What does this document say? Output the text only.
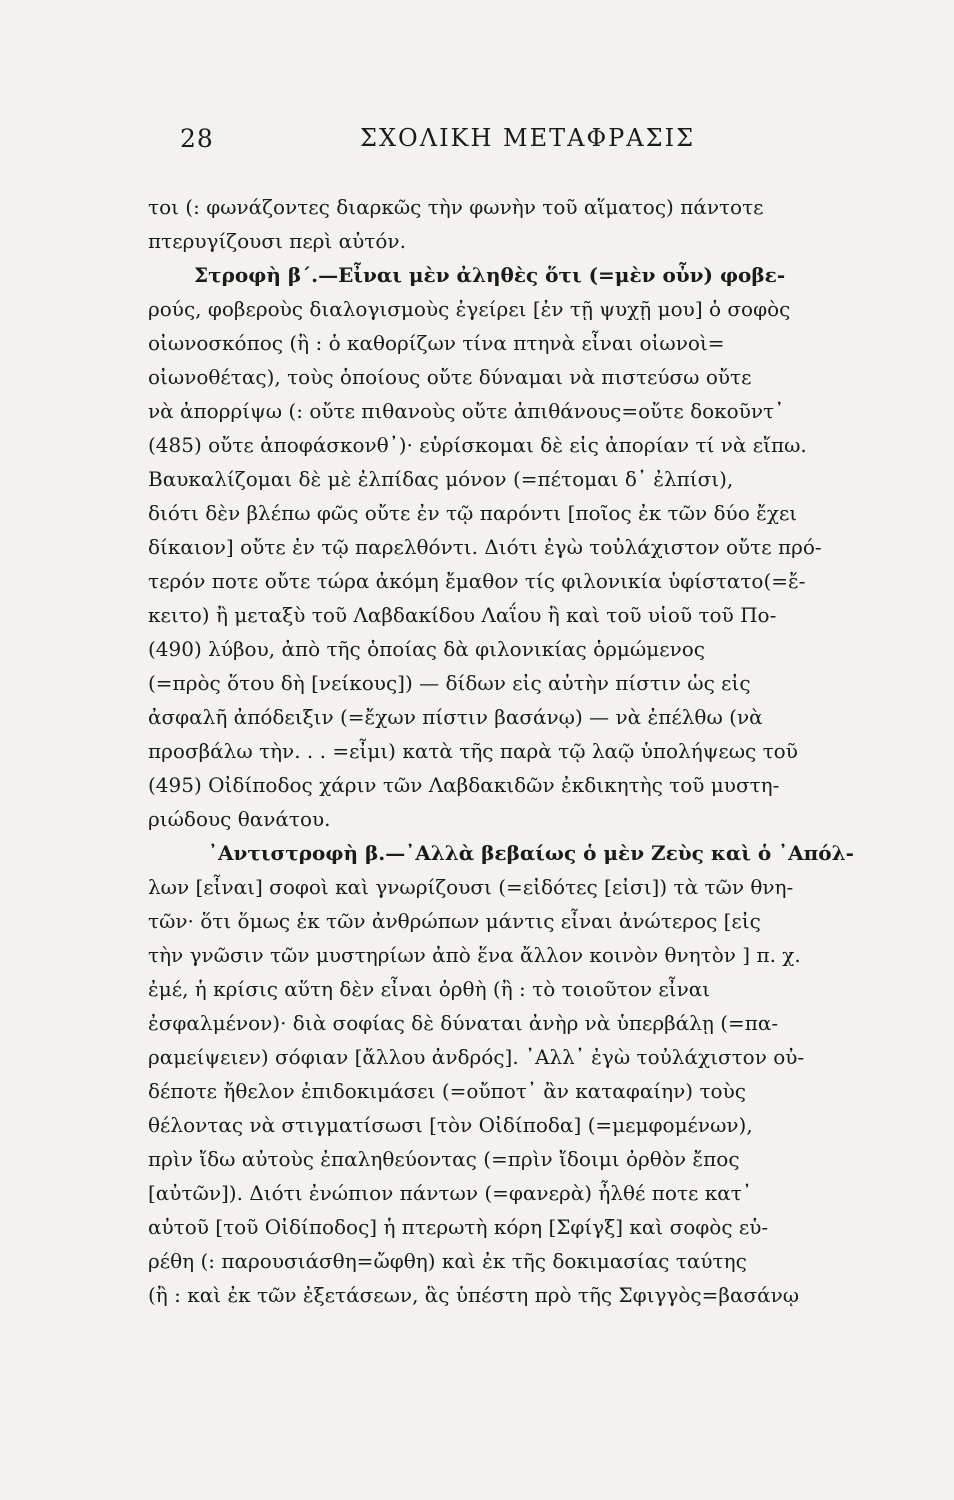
28	ΣΧΟΛΙΚΗ ΜΕΤΑΦΡΑΣΙΣ
τοι (: φωνάζοντες διαρκῶς τὴν φωνὴν τοῦ αἵματος) πάντοτε
πτερυγίζουσι περὶ αὐτόν.
Στροφὴ β΄.—Εἶναι μὲν ἀληθὲς ὅτι (=μὲν οὖν) φοβε-
ρούς, φοβεροὺς διαλογισμοὺς ἐγείρει [ἐν τῇ ψυχῇ μου] ὁ σοφὸς
οἰωνοσκόπος (ἢ : ὁ καθορίζων τίνα πτηνὰ εἶναι οἰωνοὶ=
οἰωνοθέτας), τοὺς ὁποίους οὔτε δύναμαι νὰ πιστεύσω οὔτε
νὰ ἀπορρίψω (: οὔτε πιθανοὺς οὔτε ἀπιθάνους=οὔτε δοκοῦντ᾽
(485) οὔτε ἀποφάσκονθ᾽)· εὑρίσκομαι δὲ εἰς ἀπορίαν τί νὰ εἴπω.
Βαυκαλίζομαι δὲ μὲ ἐλπίδας μόνον (=πέτομαι δ᾽ ἐλπίσι),
διότι δὲν βλέπω φῶς οὔτε ἐν τῷ παρόντι [ποῖος ἐκ τῶν δύο ἔχει
δίκαιον] οὔτε ἐν τῷ παρελθόντι. Διότι ἐγὼ τοὐλάχιστον οὔτε πρό-
τερόν ποτε οὔτε τώρα ἀκόμη ἔμαθον τίς φιλονικία ὑφίστατο(=ἔ-
κειτο) ἢ μεταξὺ τοῦ Λαβδακίδου Λαΐου ἢ καὶ τοῦ υἱοῦ τοῦ Πο-
(490) λύβου, ἀπὸ τῆς ὁποίας δὰ φιλονικίας ὁρμώμενος
(=πρὸς ὅτου δὴ [νείκους]) — δίδων εἰς αὐτὴν πίστιν ὡς εἰς
ἀσφαλῆ ἀπόδειξιν (=ἔχων πίστιν βασάνῳ) — νὰ ἐπέλθω (νὰ
προσβάλω τὴν. . . =εἶμι) κατὰ τῆς παρὰ τῷ λαῷ ὑπολήψεως τοῦ
(495) Οἰδίποδος χάριν τῶν Λαβδακιδῶν ἐκδικητὴς τοῦ μυστη-
ριώδους θανάτου.
᾽Αντιστροφὴ β.—᾽Αλλὰ βεβαίως ὁ μὲν Ζεὺς καὶ ὁ ᾽Απόλ-
λων [εἶναι] σοφοὶ καὶ γνωρίζουσι (=εἰδότες [εἰσι]) τὰ τῶν θνη-
τῶν· ὅτι ὅμως ἐκ τῶν ἀνθρώπων μάντις εἶναι ἀνώτερος [εἰς
τὴν γνῶσιν τῶν μυστηρίων ἀπὸ ἕνα ἄλλον κοινὸν θνητὸν ] π. χ.
ἐμέ, ἡ κρίσις αὕτη δὲν εἶναι ὀρθὴ (ἢ : τὸ τοιοῦτον εἶναι
ἐσφαλμένον)· διὰ σοφίας δὲ δύναται ἀνὴρ νὰ ὑπερβάλῃ (=πα-
ραμείψειεν) σόφιαν [ἄλλου ἀνδρός]. ᾽Αλλ᾽ ἐγὼ τοὐλάχιστον οὐ-
δέποτε ἤθελον ἐπιδοκιμάσει (=οὔποτ᾽ ἂν καταφαίην) τοὺς
θέλοντας νὰ στιγματίσωσι [τὸν Οἰδίποδα] (=μεμφομένων),
πρὶν ἴδω αὐτοὺς ἐπαληθεύοντας (=πρὶν ἴδοιμι ὀρθὸν ἔπος
[αὐτῶν]). Διότι ἐνώπιον πάντων (=φανερὰ) ἦλθέ ποτε κατ᾽
αὐτοῦ [τοῦ Οἰδίποδος] ἡ πτερωτὴ κόρη [Σφίγξ] καὶ σοφὸς εὑ-
ρέθη (: παρουσιάσθη=ὤφθη) καὶ ἐκ τῆς δοκιμασίας ταύτης
(ἢ : καὶ ἐκ τῶν ἐξετάσεων, ἃς ὑπέστη πρὸ τῆς Σφιγγὸς=βασάνῳ
